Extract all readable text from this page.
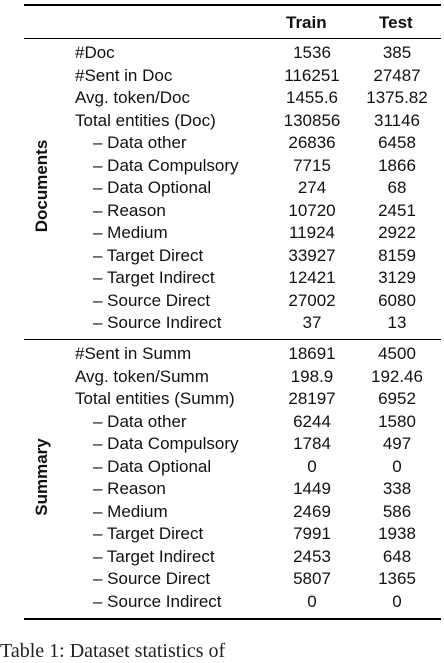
Train	Test
Documents
#Doc	1536	385
#Sent in Doc	116251	27487
Avg. token/Doc	1455.6	1375.82
Total entities (Doc)	130856	31146
– Data other	26836	6458
– Data Compulsory	7715	1866
– Data Optional	274	68
– Reason	10720	2451
– Medium	11924	2922
– Target Direct	33927	8159
– Target Indirect	12421	3129
– Source Direct	27002	6080
– Source Indirect	37	13
Summary
#Sent in Summ	18691	4500
Avg. token/Summ	198.9	192.46
Total entities (Summ)	28197	6952
– Data other	6244	1580
– Data Compulsory	1784	497
– Data Optional	0	0
– Reason	1449	338
– Medium	2469	586
– Target Direct	7991	1938
– Target Indirect	2453	648
– Source Direct	5807	1365
– Source Indirect	0	0
Table 1: Dataset statistics of
